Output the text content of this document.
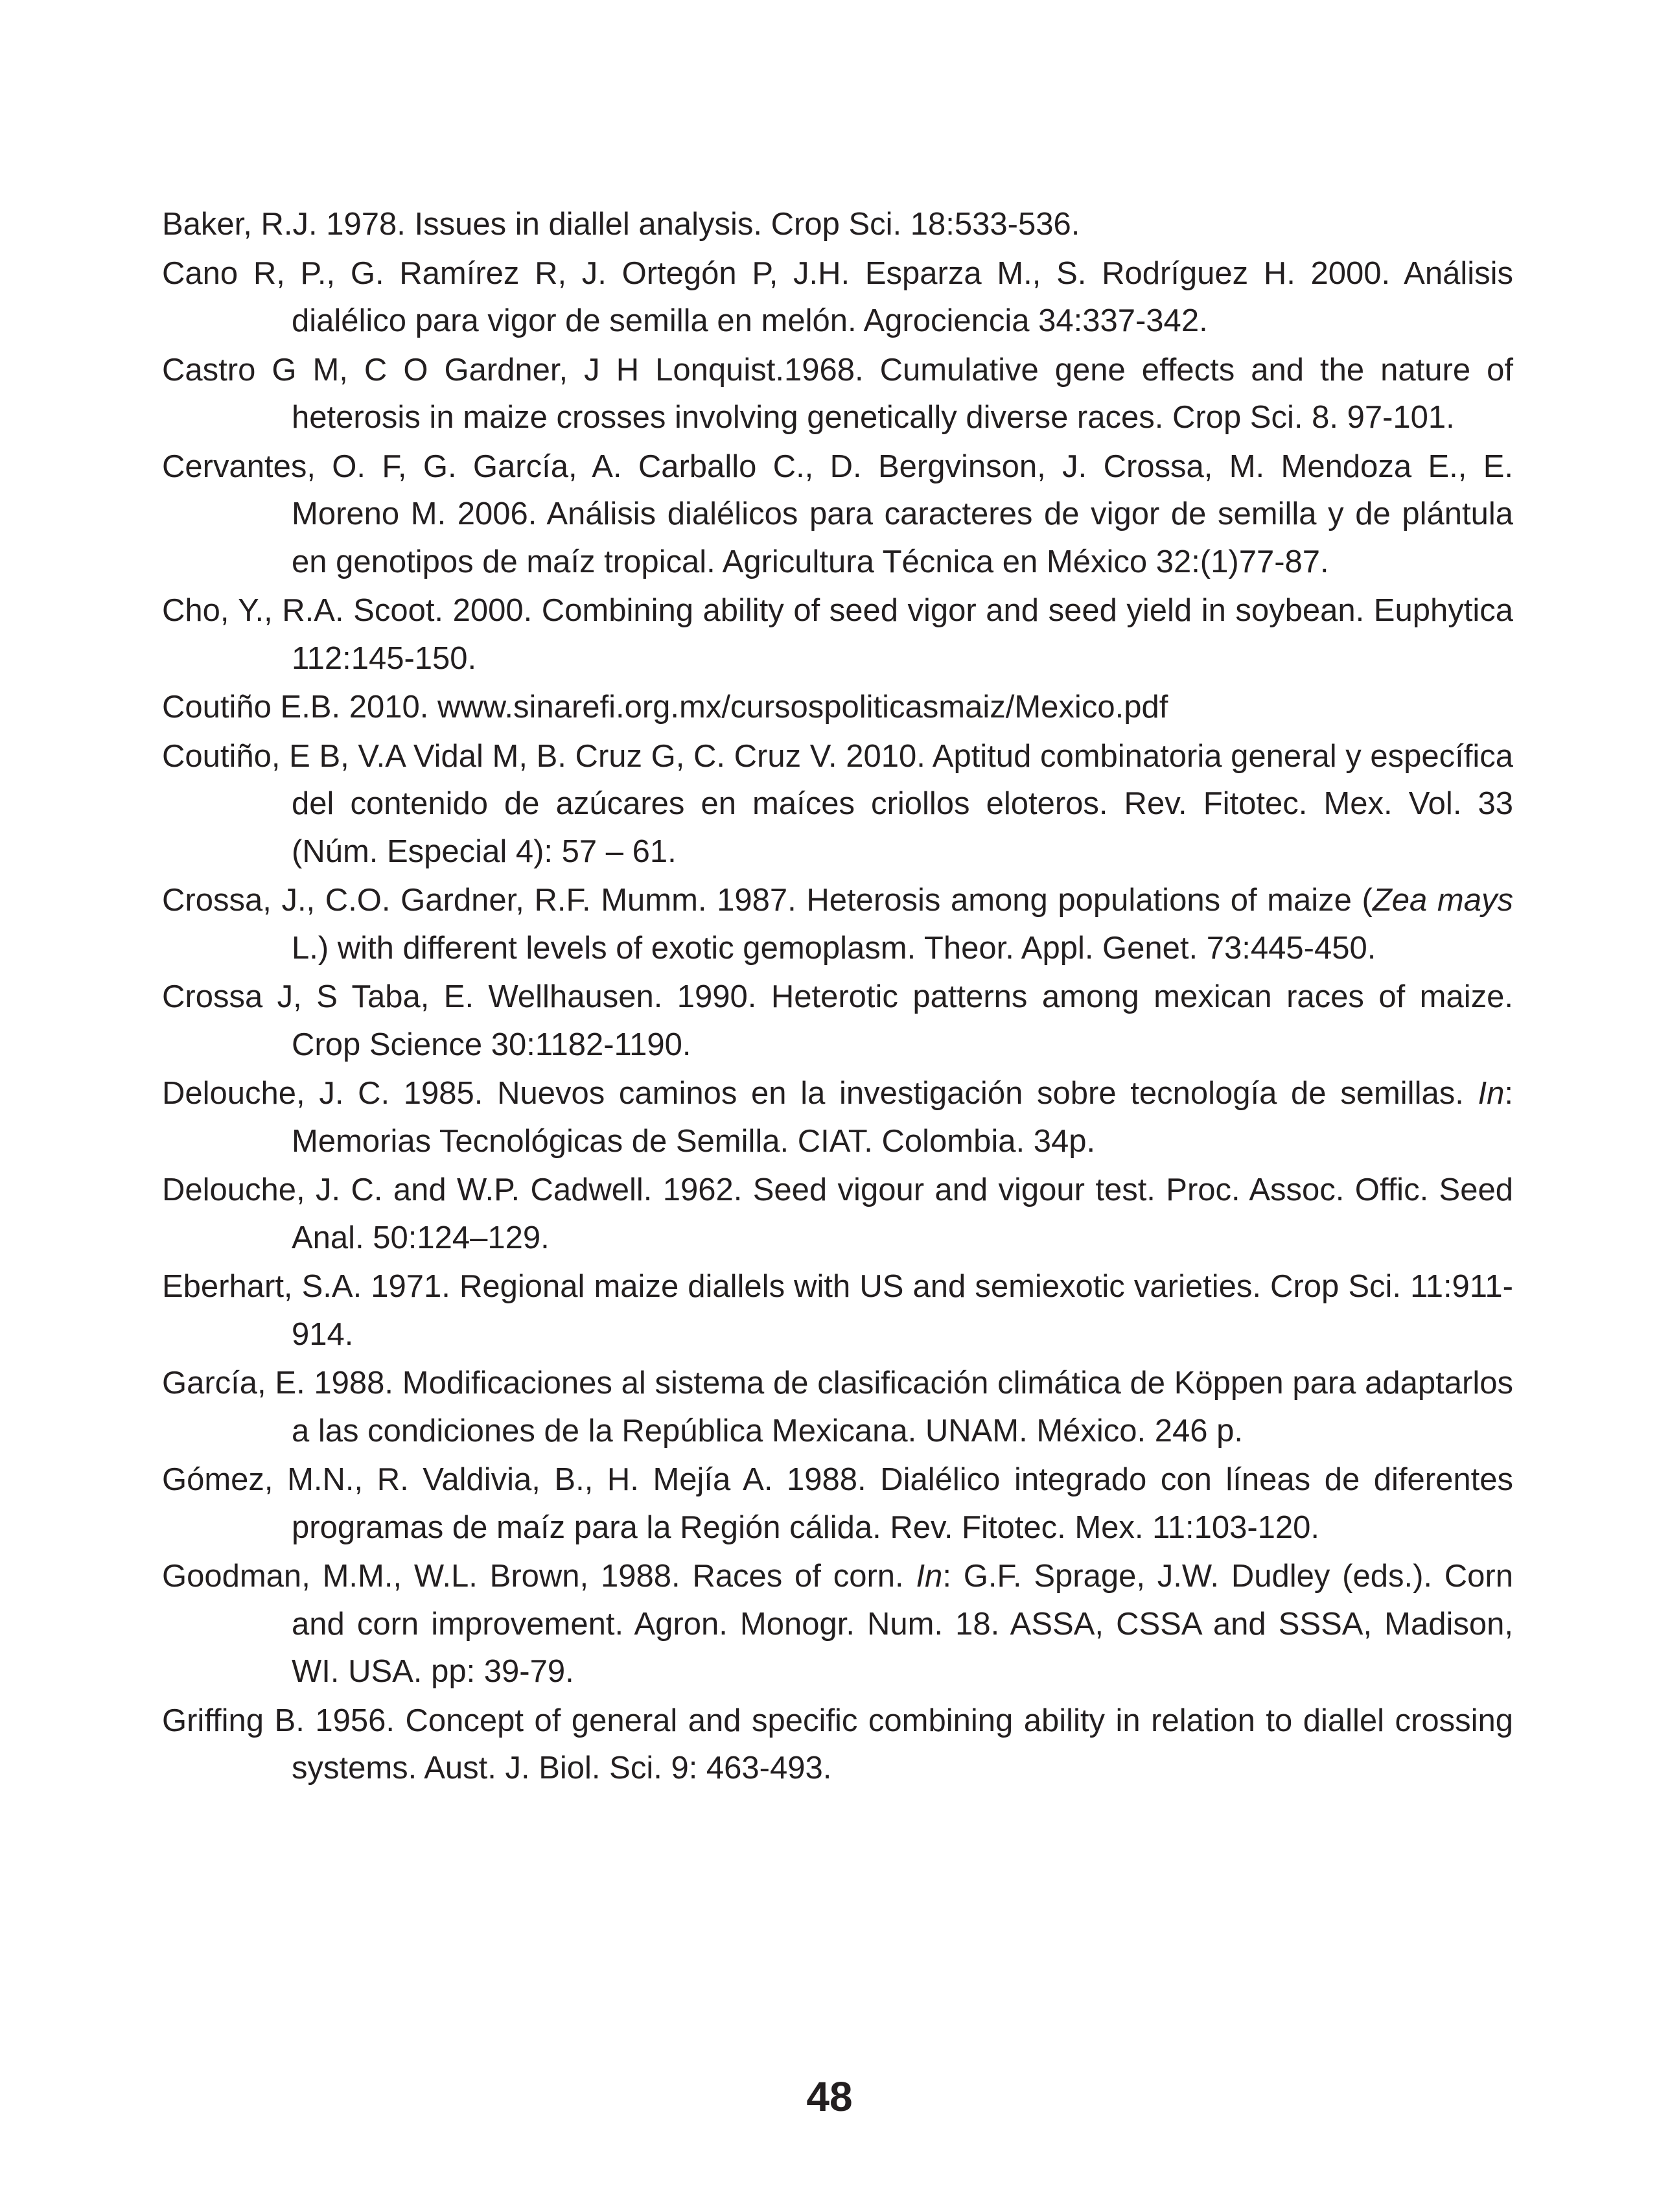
Baker, R.J. 1978. Issues in diallel analysis. Crop Sci. 18:533-536.
Cano R, P., G. Ramírez R, J. Ortegón P, J.H. Esparza M., S. Rodríguez H. 2000. Análisis dialélico para vigor de semilla en melón. Agrociencia 34:337-342.
Castro G M, C O Gardner, J H Lonquist.1968. Cumulative gene effects and the nature of heterosis in maize crosses involving genetically diverse races. Crop Sci. 8. 97-101.
Cervantes, O. F, G. García, A. Carballo C., D. Bergvinson, J. Crossa, M. Mendoza E., E. Moreno M. 2006. Análisis dialélicos para caracteres de vigor de semilla y de plántula en genotipos de maíz tropical. Agricultura Técnica en México 32:(1)77-87.
Cho, Y., R.A. Scoot. 2000. Combining ability of seed vigor and seed yield in soybean. Euphytica 112:145-150.
Coutiño E.B. 2010. www.sinarefi.org.mx/cursospoliticasmaiz/Mexico.pdf
Coutiño, E B, V.A Vidal M, B. Cruz G, C. Cruz V. 2010. Aptitud combinatoria general y específica del contenido de azúcares en maíces criollos eloteros. Rev. Fitotec. Mex. Vol. 33 (Núm. Especial 4): 57 – 61.
Crossa, J., C.O. Gardner, R.F. Mumm. 1987. Heterosis among populations of maize (Zea mays L.) with different levels of exotic gemoplasm. Theor. Appl. Genet. 73:445-450.
Crossa J, S Taba, E. Wellhausen. 1990. Heterotic patterns among mexican races of maize. Crop Science 30:1182-1190.
Delouche, J. C. 1985. Nuevos caminos en la investigación sobre tecnología de semillas. In: Memorias Tecnológicas de Semilla. CIAT. Colombia. 34p.
Delouche, J. C. and W.P. Cadwell. 1962. Seed vigour and vigour test. Proc. Assoc. Offic. Seed Anal. 50:124–129.
Eberhart, S.A. 1971. Regional maize diallels with US and semiexotic varieties. Crop Sci. 11:911-914.
García, E. 1988. Modificaciones al sistema de clasificación climática de Köppen para adaptarlos a las condiciones de la República Mexicana. UNAM. México. 246 p.
Gómez, M.N., R. Valdivia, B., H. Mejía A. 1988. Dialélico integrado con líneas de diferentes programas de maíz para la Región cálida. Rev. Fitotec. Mex. 11:103-120.
Goodman, M.M., W.L. Brown, 1988. Races of corn. In: G.F. Sprage, J.W. Dudley (eds.). Corn and corn improvement. Agron. Monogr. Num. 18. ASSA, CSSA and SSSA, Madison, WI. USA. pp: 39-79.
Griffing B. 1956. Concept of general and specific combining ability in relation to diallel crossing systems. Aust. J. Biol. Sci. 9: 463-493.
48
